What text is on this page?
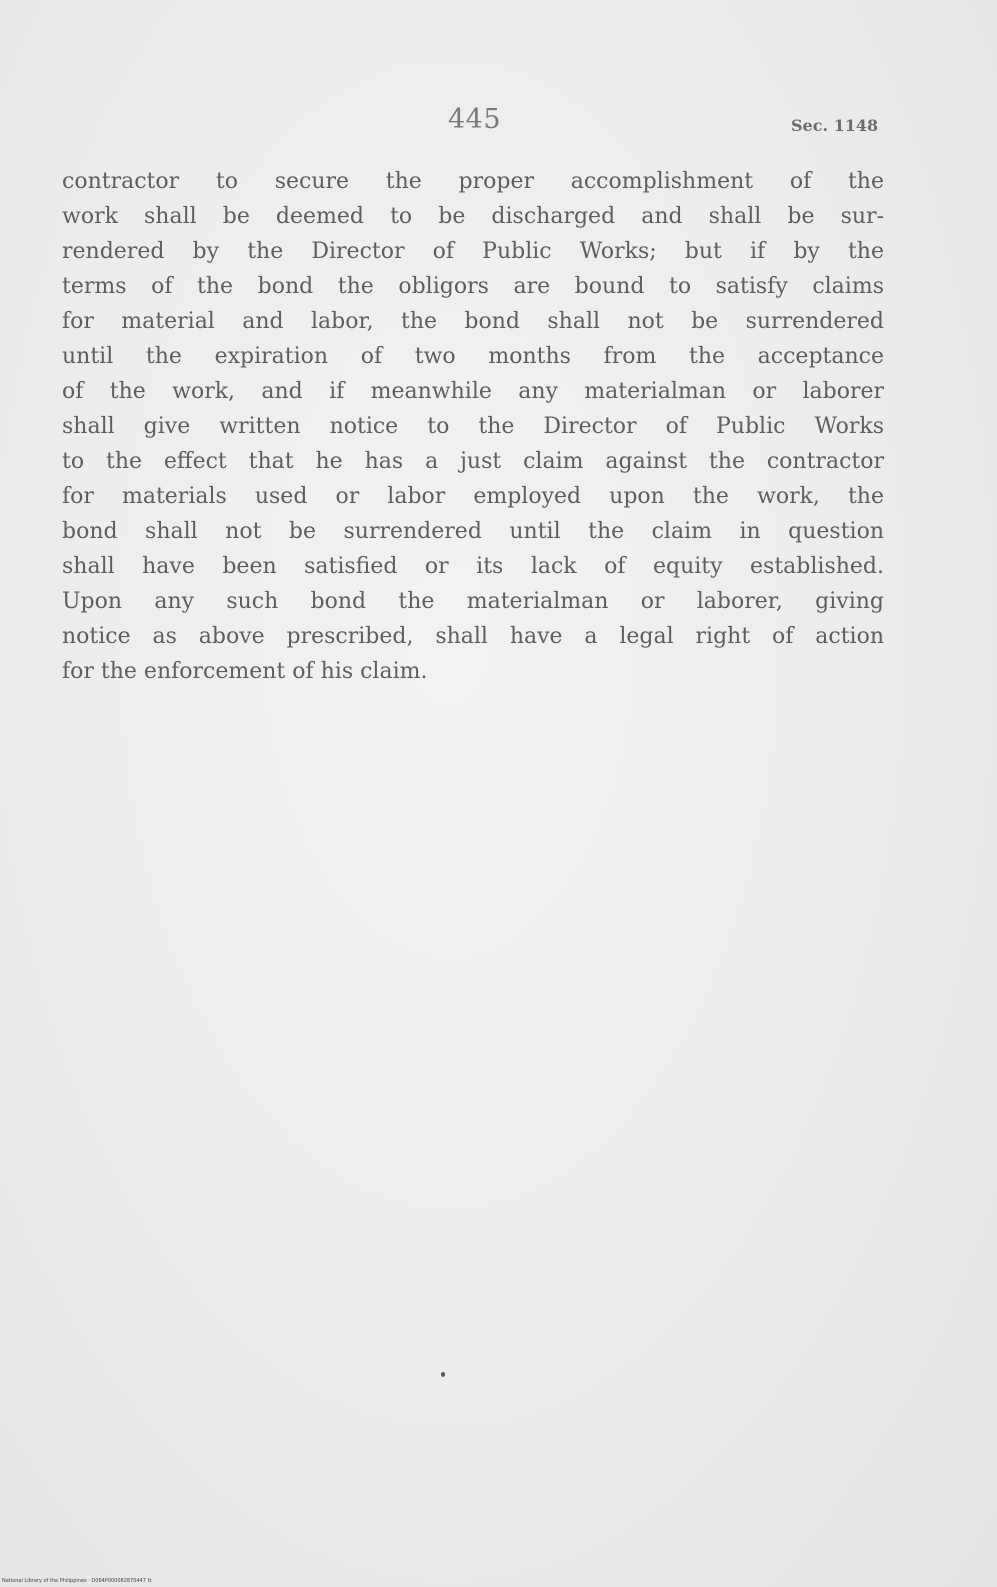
445	Sec. 1148
contractor to secure the proper accomplishment of the
work shall be deemed to be discharged and shall be sur-
rendered by the Director of Public Works; but if by the
terms of the bond the obligors are bound to satisfy claims
for material and labor, the bond shall not be surrendered
until the expiration of two months from the acceptance
of the work, and if meanwhile any materialman or laborer
shall give written notice to the Director of Public Works
to the effect that he has a just claim against the contractor
for materials used or labor employed upon the work, the
bond shall not be surrendered until the claim in question
shall have been satisfied or its lack of equity established.
Upon any such bond the materialman or laborer, giving
notice as above prescribed, shall have a legal right of action
for the enforcement of his claim.
National Library of the Philippines · D064P000082870447 tt
